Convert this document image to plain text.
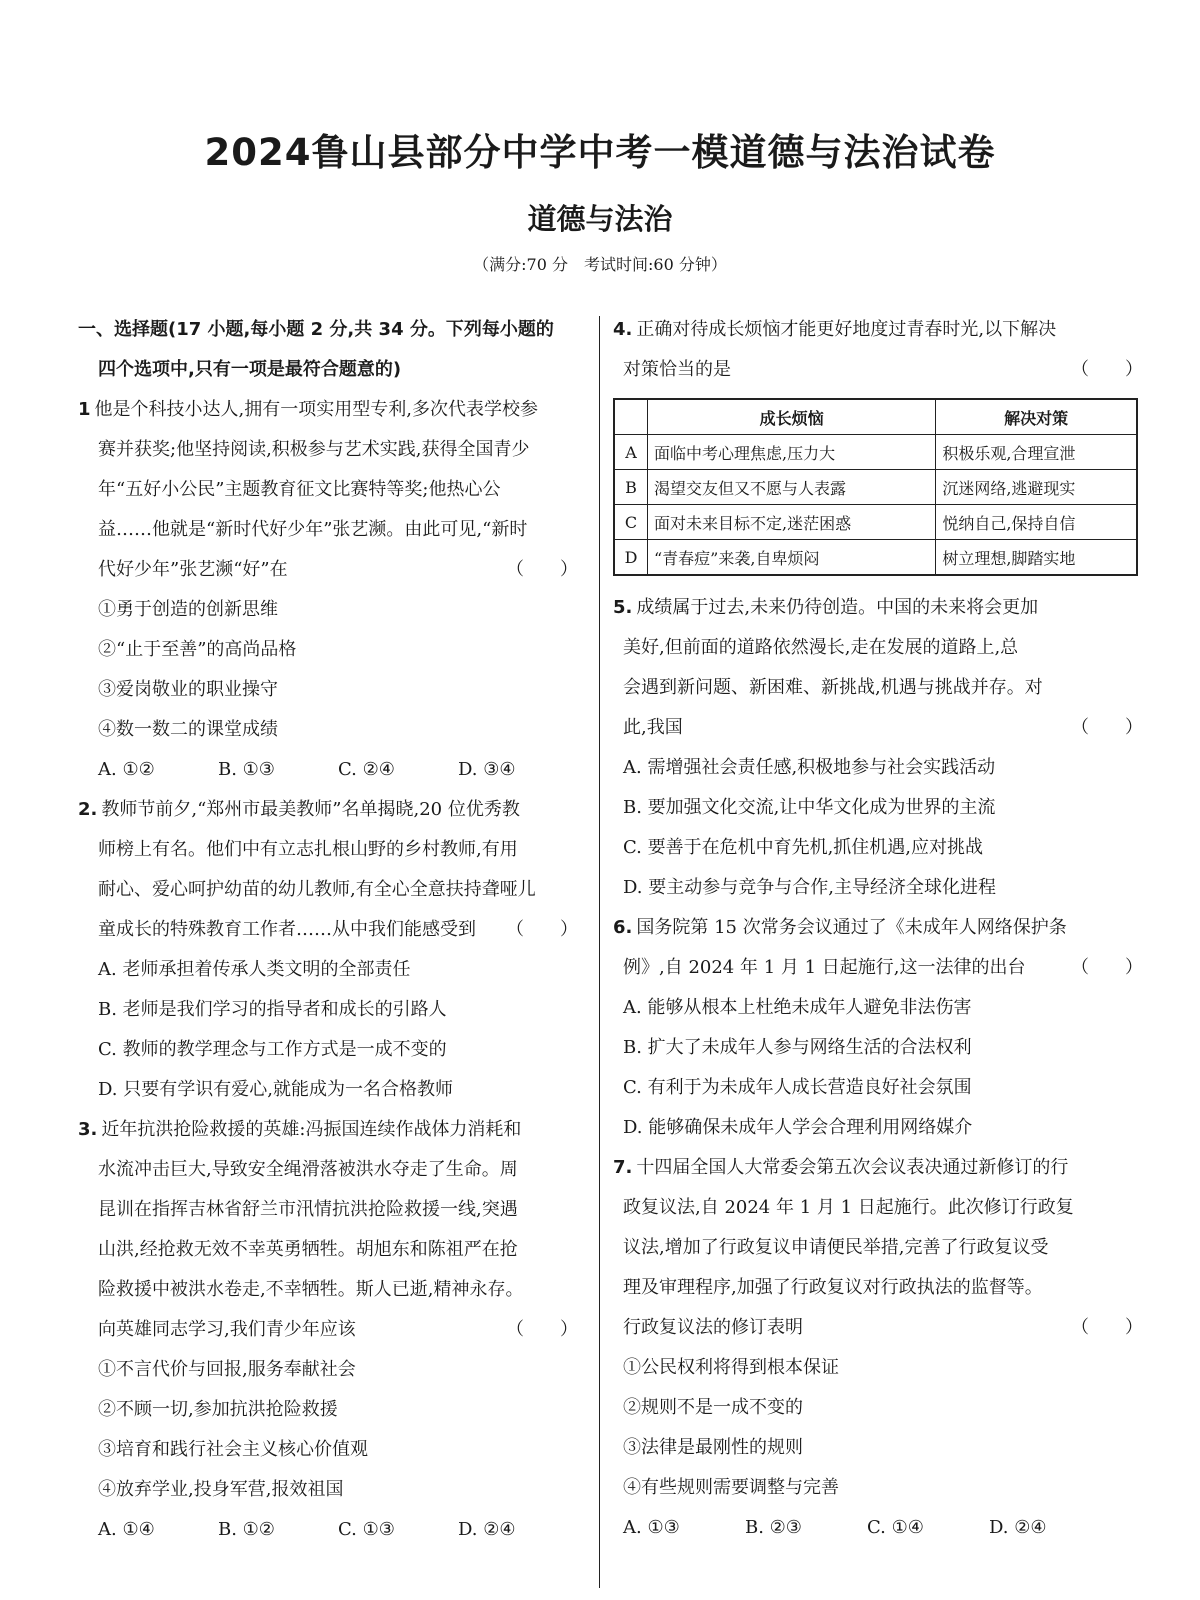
2024鲁山县部分中学中考一模道德与法治试卷
道德与法治
（满分:70 分　考试时间:60 分钟）
一、选择题(17 小题,每小题 2 分,共 34 分。下列每小题的
四个选项中,只有一项是最符合题意的)
1 他是个科技小达人,拥有一项实用型专利,多次代表学校参
赛并获奖;他坚持阅读,积极参与艺术实践,获得全国青少
年“五好小公民”主题教育征文比赛特等奖;他热心公
益……他就是“新时代好少年”张艺濒。由此可见,“新时
代好少年”张艺濒“好”在	（　　）
①勇于创造的创新思维
②“止于至善”的高尚品格
③爱岗敬业的职业操守
④数一数二的课堂成绩
A. ①②	B. ①③	C. ②④	D. ③④
2. 教师节前夕,“郑州市最美教师”名单揭晓,20 位优秀教
师榜上有名。他们中有立志扎根山野的乡村教师,有用
耐心、爱心呵护幼苗的幼儿教师,有全心全意扶持聋哑儿
童成长的特殊教育工作者……从中我们能感受到 （　　）
A. 老师承担着传承人类文明的全部责任
B. 老师是我们学习的指导者和成长的引路人
C. 教师的教学理念与工作方式是一成不变的
D. 只要有学识有爱心,就能成为一名合格教师
3. 近年抗洪抢险救援的英雄:冯振国连续作战体力消耗和
水流冲击巨大,导致安全绳滑落被洪水夺走了生命。周
昆训在指挥吉林省舒兰市汛情抗洪抢险救援一线,突遇
山洪,经抢救无效不幸英勇牺牲。胡旭东和陈祖严在抢
险救援中被洪水卷走,不幸牺牲。斯人已逝,精神永存。
向英雄同志学习,我们青少年应该	（　　）
①不言代价与回报,服务奉献社会
②不顾一切,参加抗洪抢险救援
③培育和践行社会主义核心价值观
④放弃学业,投身军营,报效祖国
A. ①④	B. ①②	C. ①③	D. ②④
4. 正确对待成长烦恼才能更好地度过青春时光,以下解决
对策恰当的是	（　　）
	成长烦恼	解决对策
A	面临中考心理焦虑,压力大	积极乐观,合理宣泄
B	渴望交友但又不愿与人表露	沉迷网络,逃避现实
C	面对未来目标不定,迷茫困惑	悦纳自己,保持自信
D	“青春痘”来袭,自卑烦闷	树立理想,脚踏实地
5. 成绩属于过去,未来仍待创造。中国的未来将会更加
美好,但前面的道路依然漫长,走在发展的道路上,总
会遇到新问题、新困难、新挑战,机遇与挑战并存。对
此,我国	（　　）
A. 需增强社会责任感,积极地参与社会实践活动
B. 要加强文化交流,让中华文化成为世界的主流
C. 要善于在危机中育先机,抓住机遇,应对挑战
D. 要主动参与竞争与合作,主导经济全球化进程
6. 国务院第 15 次常务会议通过了《未成年人网络保护条
例》,自 2024 年 1 月 1 日起施行,这一法律的出台	（　　）
A. 能够从根本上杜绝未成年人避免非法伤害
B. 扩大了未成年人参与网络生活的合法权利
C. 有利于为未成年人成长营造良好社会氛围
D. 能够确保未成年人学会合理利用网络媒介
7. 十四届全国人大常委会第五次会议表决通过新修订的行
政复议法,自 2024 年 1 月 1 日起施行。此次修订行政复
议法,增加了行政复议申请便民举措,完善了行政复议受
理及审理程序,加强了行政复议对行政执法的监督等。
行政复议法的修订表明	（　　）
①公民权利将得到根本保证
②规则不是一成不变的
③法律是最刚性的规则
④有些规则需要调整与完善
A. ①③	B. ②③	C. ①④	D. ②④
